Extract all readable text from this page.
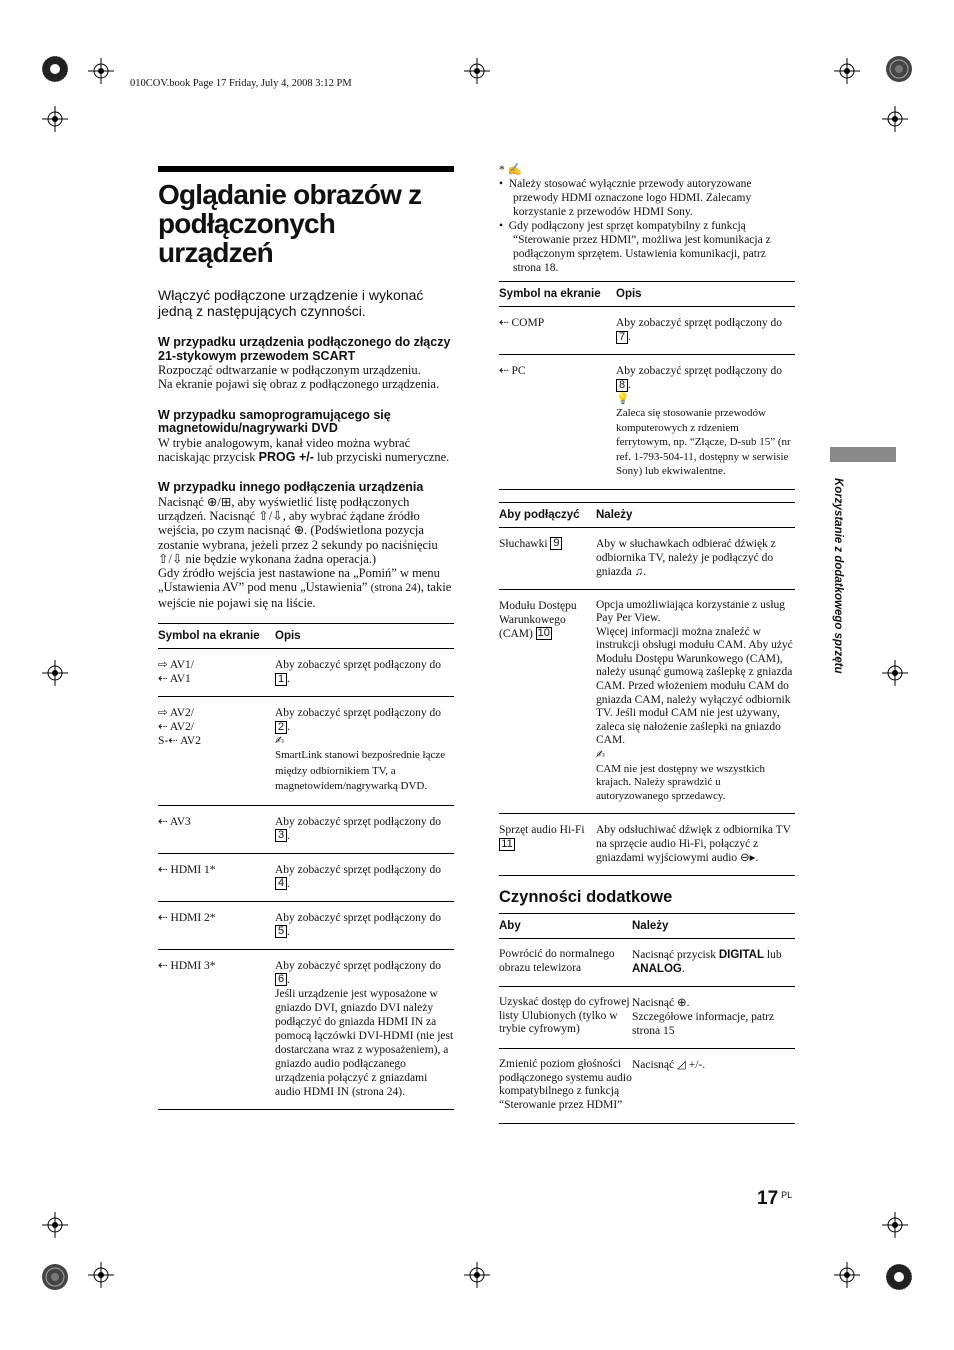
010COV.book Page 17 Friday, July 4, 2008 3:12 PM
Oglądanie obrazów z podłączonych urządzeń

Włączyć podłączone urządzenie i wykonać jedną z następujących czynności.

W przypadku urządzenia podłączonego do złączy 21-stykowym przewodem SCART

Rozpocząć odtwarzanie w podłączonym urządzeniu.
Na ekranie pojawi się obraz z podłączonego urządzenia.

W przypadku samoprogramującego się magnetowidu/nagrywarki DVD

W trybie analogowym, kanał video można wybrać naciskając przycisk PROG +/- lub przyciski numeryczne.

W przypadku innego podłączenia urządzenia

Nacisnąć ⊕/⊞, aby wyświetlić listę podłączonych urządzeń. Nacisnąć ⇧/⇩, aby wybrać żądane źródło wejścia, po czym nacisnąć ⊕. (Podświetlona pozycja zostanie wybrana, jeżeli przez 2 sekundy po naciśnięciu ⇧/⇩ nie będzie wykonana żadna operacja.)
Gdy źródło wejścia jest nastawione na „Pomiń” w menu „Ustawienia AV” pod menu „Ustawienia” (strona 24), takie wejście nie pojawi się na liście.

Symbol na ekranie	Opis
⇨ AV1/
⇠ AV1	Aby zobaczyć sprzęt podłączony do 1 .
⇨ AV2/
⇠ AV2/
S-⇠ AV2	Aby zobaczyć sprzęt podłączony do 2 .
✍
SmartLink stanowi bezpośrednie łącze między odbiornikiem TV, a magnetowidem/nagrywarką DVD.
⇠ AV3	Aby zobaczyć sprzęt podłączony do 3 .
⇠ HDMI 1*	Aby zobaczyć sprzęt podłączony do 4 .
⇠ HDMI 2*	Aby zobaczyć sprzęt podłączony do 5 .
⇠ HDMI 3*	Aby zobaczyć sprzęt podłączony do 6 .
Jeśli urządzenie jest wyposażone w gniazdo DVI, gniazdo DVI należy podłączyć do gniazda HDMI IN za pomocą łączówki DVI-HDMI (nie jest dostarczana wraz z wyposażeniem), a gniazdo audio podłączanego urządzenia połączyć z gniazdami audio HDMI IN (strona 24).

* ✍

•  Należy stosować wyłącznie przewody autoryzowane przewody HDMI oznaczone logo HDMI. Zalecamy korzystanie z przewodów HDMI Sony.
•  Gdy podłączony jest sprzęt kompatybilny z funkcją “Sterowanie przez HDMI”, możliwa jest komunikacja z podłączonym sprzętem. Ustawienia komunikacji, patrz strona 18.
Symbol na ekranie	Opis
⇠ COMP	Aby zobaczyć sprzęt podłączony do 7 .
⇠ PC	Aby zobaczyć sprzęt podłączony do 8 .
💡
Zaleca się stosowanie przewodów komputerowych z rdzeniem ferrytowym, np. “Złącze, D-sub 15” (nr ref. 1-793-504-11, dostępny w serwisie Sony) lub ekwiwalentne.
Aby podłączyć	Należy
Słuchawki 9	Aby w słuchawkach odbierać dźwięk z odbiornika TV, należy je podłączyć do gniazda ♫.
Modułu Dostępu Warunkowego (CAM) 10	Opcja umożliwiająca korzystanie z usług Pay Per View.
Więcej informacji można znaleźć w instrukcji obsługi modułu CAM. Aby użyć Modułu Dostępu Warunkowego (CAM), należy usunąć gumową zaślepkę z gniazda CAM. Przed włożeniem modułu CAM do gniazda CAM, należy wyłączyć odbiornik TV. Jeśli moduł CAM nie jest używany, zaleca się nałożenie zaślepki na gniazdo CAM.
✍
CAM nie jest dostępny we wszystkich krajach. Należy sprawdzić u autoryzowanego sprzedawcy.
Sprzęt audio Hi-Fi 11	Aby odsłuchiwać dźwięk z odbiornika TV na sprzęcie audio Hi-Fi, połączyć z gniazdami wyjściowymi audio ⊖▸.
Czynności dodatkowe
Aby	Należy
Powrócić do normalnego obrazu telewizora	Nacisnąć przycisk DIGITAL lub ANALOG.
Uzyskać dostęp do cyfrowej listy Ulubionych (tylko w trybie cyfrowym)	Nacisnąć ⊕.
Szczegółowe informacje, patrz strona 15
Zmienić poziom głośności podłączonego systemu audio kompatybilnego z funkcją “Sterowanie przez HDMI”	Nacisnąć ◿ +/-.
Korzystanie z dodatkowego sprzętu
17 $^{PL}$
